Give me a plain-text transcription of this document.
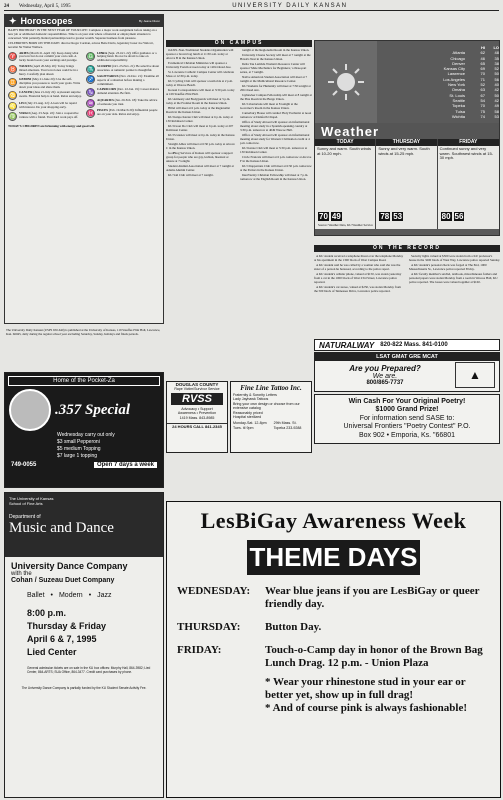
24 Wednesday, April 5, 1995	UNIVERSITY DAILY KANSAN
✦ Horoscopes	By Jeane Dixon

HAPPY BIRTHDAY! IN THE NEXT YEAR OF YOUR LIFE: Complete a major work assignment before taking on a new job or additional domestic responsibilities. Time is on your side where a financial or employment situation is concerned. Wait patiently. Rental partnerships lead to greater wealth. Separate business from pleasure.

CELEBRITIES BORN ON THIS DATE: director Roger Corman, actress Bette Davis, legendary boxer Joe Walcott, novelist Sir Walter Wallace.

♈
ARIES (March 21-April 19): Keep doing what you love but do not commit your own cash. A lucky break boosts your earnings and prestige.
♉
TAURUS (April 20-May 20): Today brings mixed emotions. Your loved ones could be in a hurry. Carefully plan ahead.
♊
GEMINI (May 21-June 20): Use the self-discipline you possess to reach your goals. Write down your ideas and share them.
♋
CANCER (June 21-July 22): A pleasant surprise awaits. Financial help is at hand. Relax and enjoy.
♌
LEO (July 23-Aug. 22): A loan will be repaid with interest. Do your shopping early.
♍
VIRGO (Aug. 23-Sept. 22): Join a cooperative venture with a friend. Your hard work pays off.
♎
LIBRA (Sept. 23-Oct. 22): Offer guidance or a helping hand. Do not be afraid to take on additional responsibility.
♏
SCORPIO (Oct. 23-Nov. 21): Be selective about associates. A romantic partner is thoughtful.
♐
SAGITTARIUS (Nov. 22-Dec. 21): Examine all aspects of a situation before making a commitment.
♑
CAPRICORN (Dec. 22-Jan. 19): Career matters demand attention. Be firm.
♒
AQUARIUS (Jan. 20-Feb. 18): Take the advice of someone you trust.
♓
PISCES (Feb. 19-March 20): Influential people are on your side. Relax and enjoy.

TODAY'S CHILDREN are brimming with energy and good will.

The University Daily Kansan (USPS 650-640) is published at the University of Kansas, 119 Stauffer-Flint Hall, Lawrence, Kan. 66045, daily during the regular school year excluding Saturday, Sunday, holidays and finals periods.
Home of the Pocket-Za
.357 Special
Wednesday carry out only
$3 small Pepperoni
$5 medium Topping
$7 large 1 topping
749-0055	Open 7 days a week
The University of Kansas
School of Fine Arts
Department of
Music and Dance
University Dance Company
with the
Cohan / Suzeau Duet Company
Ballet • Modern • Jazz
8:00 p.m.
Thursday & Friday
April 6 & 7, 1995
Lied Center
General admission tickets are on sale in the KU box offices: Murphy Hall, 864-3982; Lied Center, 864-ARTS; SUA Office, 864-3477. Credit card purchases by phone.
The University Dance Company is partially funded by the KU Student Senate Activity Fee.
ON CAMPUS

OASIS–Non-Traditional Students Organization will sponsor a brown bag lunch at 11:30 a.m. today at Alcove B in the Kansas Union.

Ecumenical Christian Ministries will sponsor a University Forum at noon today at 1204 Oread Ave.

St. Lawrence Catholic Campus Center will celebrate Mass at 12:30 p.m. today.

KU Cycling Club will sponsor a team ride at 2 p.m. today at Wescoe Beach.

Korean Correspondence will meet at 3:30 p.m. today at 109 Stauffer-Flint Hall.

KU Amnesty and Bodyguards will meet at 5 p.m. today at the Frontier Room in the Kansas Union.

Hillel will meet at 6 p.m. today at the Regionalist Room in the Kansas Union.

KU Kenpo Karate Club will meet at 6 p.m. today at 130 Robinson Center.

KU Kwon Do Club will meet at 6 p.m. today at 207 Robinson Center.

KU Ecstasies will meet at 6 p.m. today in the Kansas Union.

Straight Allies will meet at 6:30 p.m. today at Alcove C in the Kansas Union.

GodBlog Services of Kansas will sponsor a support group for people who are gay, lesbian, bisexual or unsure at 7 tonight.

Student Alumni Association will meet at 7 tonight at Adams Alumni Center.

KU Sail Club will meet at 7 tonight.

tonight at the Regionalist Room in the Kansas Union.

University Chorus Society will meet at 7 tonight at the Hawk's Nest in the Kansas Union.

Delta Tau Lambda Women's Resource Center will sponsor 'Male Mechanics for Beginners,' a three-part series, at 7 tonight.

Native American Student Association will meet at 7 tonight at the Multicultural Resource Center.

KU Students for Humanity will meet at 7:30 tonight at 206 Oread Ave.

Jayhawker Campus Fellowship will meet at 8 tonight at the Pine Room in the Burge Union.

KU Libertarians will meet at 8 tonight at the Governor's Room in the Kansas Union.

Canterbury House will conduct Holy Eucharist at noon tomorrow at Danforth Chapel.

Office of Study Abroad will sponsor an informational meeting about study in a Spanish-speaking country at 3:30 p.m. tomorrow at 4049 Wescoe Hall.

Office of Study Abroad will sponsor an informational meeting about study for Western Civilization credit at 4 p.m. tomorrow.

KU Karate Club will meet at 5:30 p.m. tomorrow at 130 Robinson Center.

Circle Francais will meet at 6 p.m. tomorrow at Alcove F in the Kansas Union.

KU Chapparrans Club will meet at 6:30 p.m. tomorrow at the Parlors in the Kansas Union.

InterVarsity Christian Fellowship will meet at 7 p.m. tomorrow at the English Room in the Kansas Union.

HI	LO
Atlanta	62	48
Chicago	46	35
Denver	65	38
Kansas City	69	52
Lawrence	70	50
Los Angeles	71	56
New York	52	40
Omaha	63	42
St. Louis	67	50
Seattle	54	42
Topeka	70	49
Tulsa	75	58
Wichita	74	53
Weather
TODAY
Sunny and warm. South winds at 10-20 mph.
70 49
THURSDAY
Sunny and very warm. South winds at 15-25 mph.
78 53
FRIDAY
Continued sunny and very warm. Southwest winds at 15-30 mph.
80 56
Source: Weather Data, KU Weather Service
ON THE RECORD

A KU student received a telephone threat over the telephone Monday at his apartment in the 1300 block of West Campus Road.

A KU student said he was called by a woman who said she was the sister of a person he harassed, according to the police report.

A KU student's cellular phone, valued at $150, was stolen yesterday from a car in the 1000 block of West 23rd Street, Lawrence police reported.

A KU student's car stereo, valued at $250, was stolen Monday from the 500 block of Tennessee Drive, Lawrence police reported.

Security lights valued at $500 were stolen from a KU professor's house in the 3200 block of West Way, Lawrence police reported Sunday.

A KU student's personal check was forged at The End, 1000 Massachusetts St., Lawrence police reported Friday.

A KU faculty member's satchel, textbook, miscellaneous folders and personal papers were stolen Monday from a room in Wescoe Hall, KU police reported. The losses were valued together at $160.

NATURALWAY 820-822 Mass. 841-0100
LSAT GMAT GRE MCAT
Are you Prepared?
We are.
800/865-7737
▲
DOUGLAS COUNTY
Rape Victim/Survivor Service
RVSS
Advocacy • Support
Awareness • Prevention
1419 Mass. 843-8985
24 HOURS CALL 841-2345
Fine Line Tattoo Inc.
Fraternity & Sorority Letters
Lady Jayhawk Tattoos
Bring your own design or choose from our extensive catalog
Reasonably priced
Hospital sterilized
Monday-Sat. 12-8pm Tues. til 9pm
29th Mass. St. Topeka 233-9288
Win Cash For Your Original Poetry!
$1000 Grand Prize!
For information send SASE to:
Universal Frontiers "Poetry Contest" P.O.
Box 902 • Emporia, Ks. "66801
LesBiGay Awareness Week
THEME DAYS
WEDNESDAY:	Wear blue jeans if you are LesBiGay or queer friendly day.
THURSDAY:	Button Day.
FRIDAY:	Touch-o-Camp day in honor of the Brown Bag Lunch Drag. 12 p.m. - Union Plaza
* Wear your rhinestone stud in your ear or better yet, show up in full drag!
* And of course pink is always fashionable!
